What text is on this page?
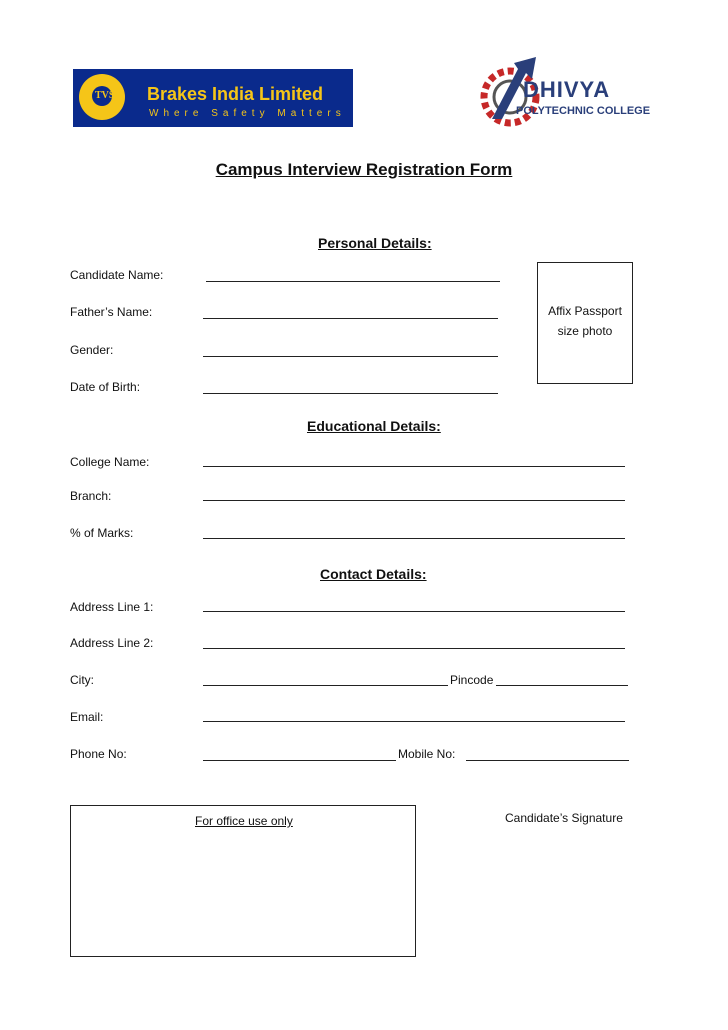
TVS Brakes India Limited
Where Safety Matters
DHIVYA
POLYTECHNIC COLLEGE
Campus Interview Registration Form
Personal Details:
Candidate Name:
Father’s Name:
Gender:
Date of Birth:
Affix Passport size photo
Educational Details:
College Name:
Branch:
% of Marks:
Contact Details:
Address Line 1:
Address Line 2:
City:	Pincode
Email:
Phone No:	Mobile No:
For office use only	Candidate’s Signature
